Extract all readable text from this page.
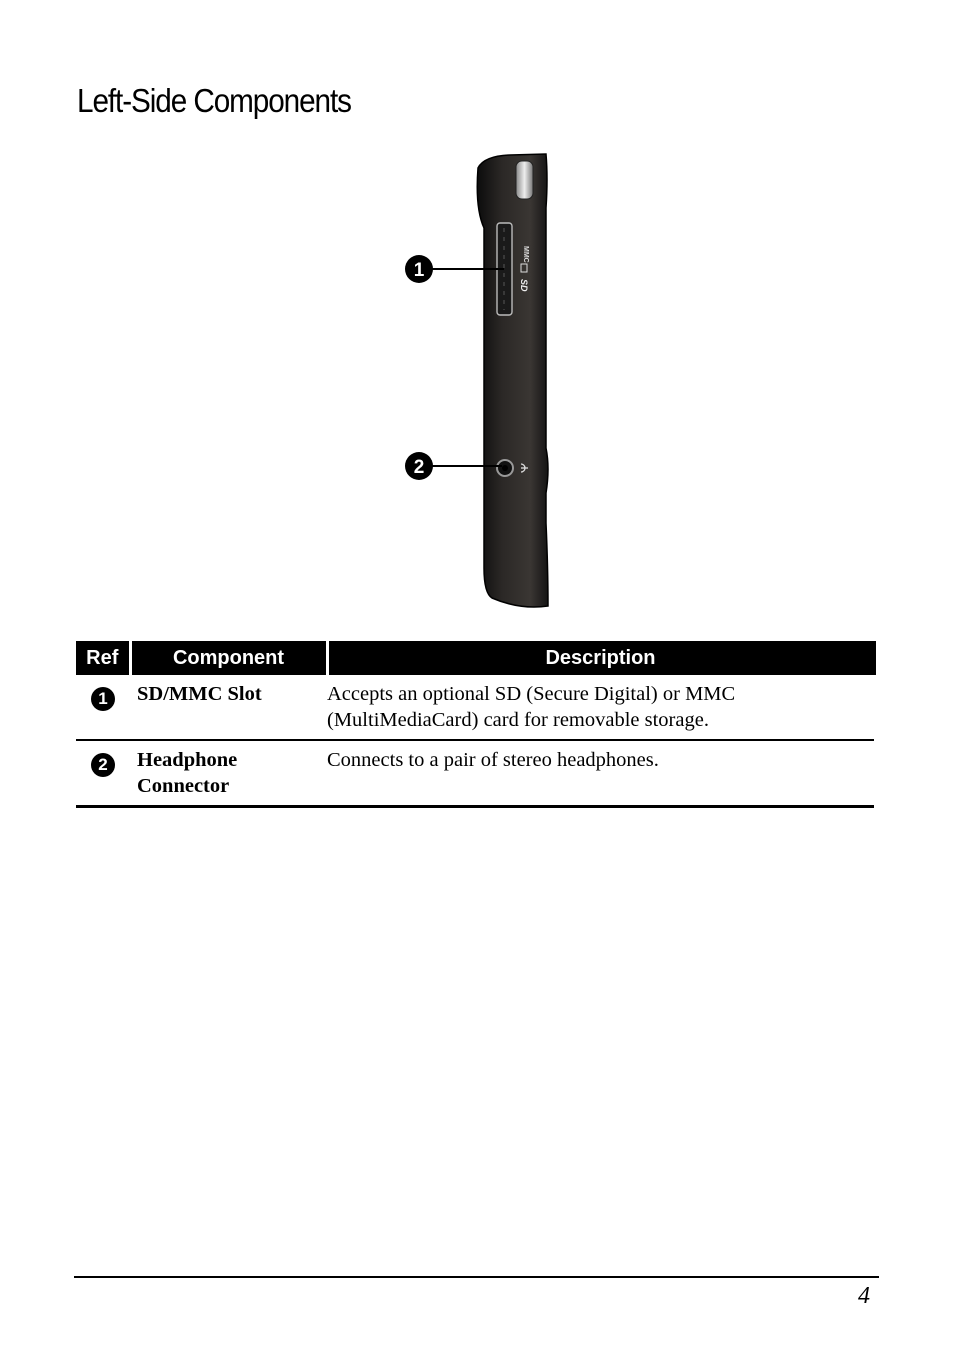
Left-Side Components
MMC
SD
1
2
Ref	Component	Description
1	SD/MMC Slot	Accepts an optional SD (Secure Digital) or MMC (MultiMediaCard) card for removable storage.
2	Headphone Connector	Connects to a pair of stereo headphones.
4
